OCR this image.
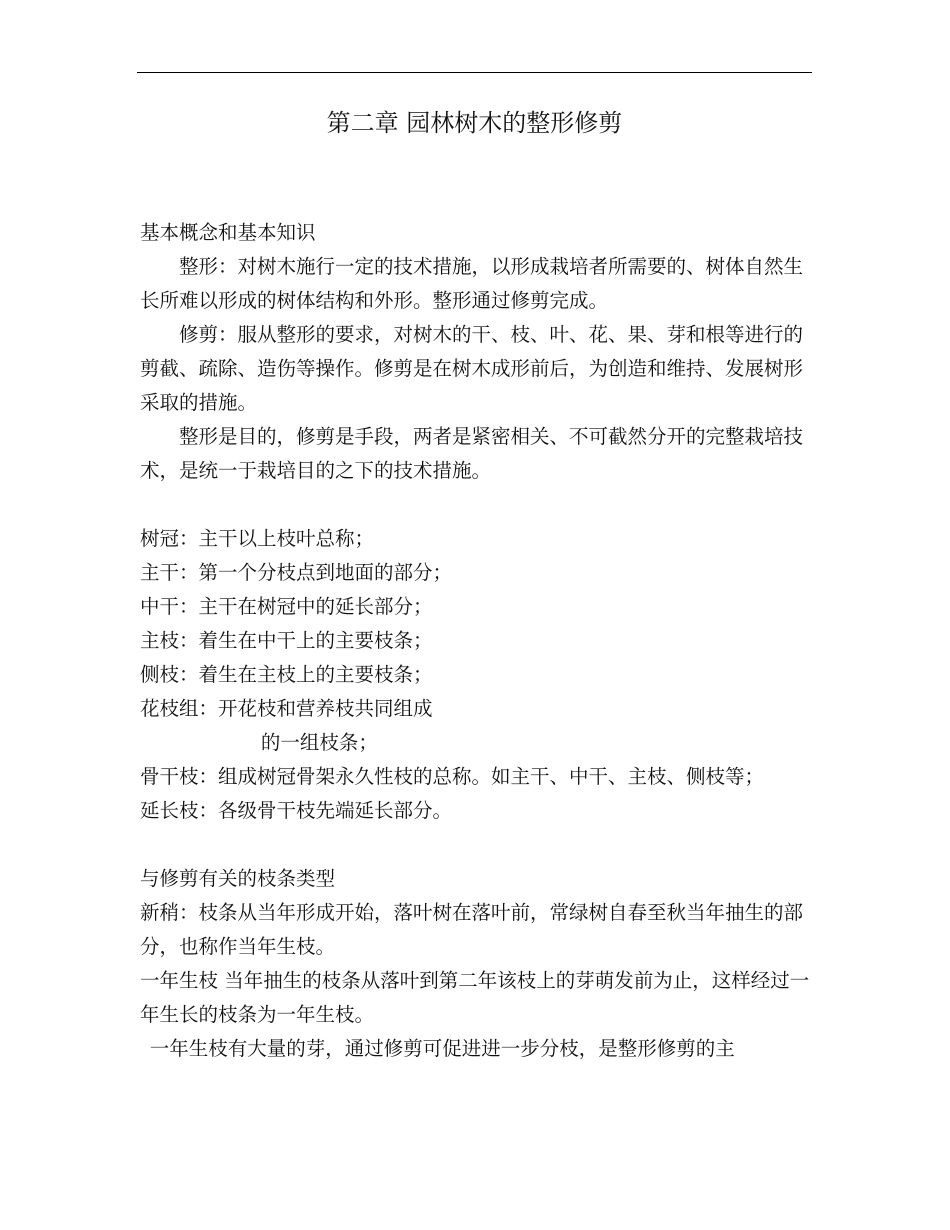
第二章 园林树木的整形修剪

基本概念和基本知识

整形：对树木施行一定的技术措施，以形成栽培者所需要的、树体自然生长所难以形成的树体结构和外形。整形通过修剪完成。

修剪：服从整形的要求，对树木的干、枝、叶、花、果、芽和根等进行的剪截、疏除、造伤等操作。修剪是在树木成形前后，为创造和维持、发展树形采取的措施。

整形是目的，修剪是手段，两者是紧密相关、不可截然分开的完整栽培技术，是统一于栽培目的之下的技术措施。

树冠：主干以上枝叶总称；

主干：第一个分枝点到地面的部分；

中干：主干在树冠中的延长部分；

主枝：着生在中干上的主要枝条；

侧枝：着生在主枝上的主要枝条；

花枝组：开花枝和营养枝共同组成

的一组枝条；

骨干枝：组成树冠骨架永久性枝的总称。如主干、中干、主枝、侧枝等；

延长枝：各级骨干枝先端延长部分。

与修剪有关的枝条类型

新稍：枝条从当年形成开始，落叶树在落叶前，常绿树自春至秋当年抽生的部分，也称作当年生枝。

一年生枝 当年抽生的枝条从落叶到第二年该枝上的芽萌发前为止，这样经过一年生长的枝条为一年生枝。

一年生枝有大量的芽，通过修剪可促进进一步分枝，是整形修剪的主
